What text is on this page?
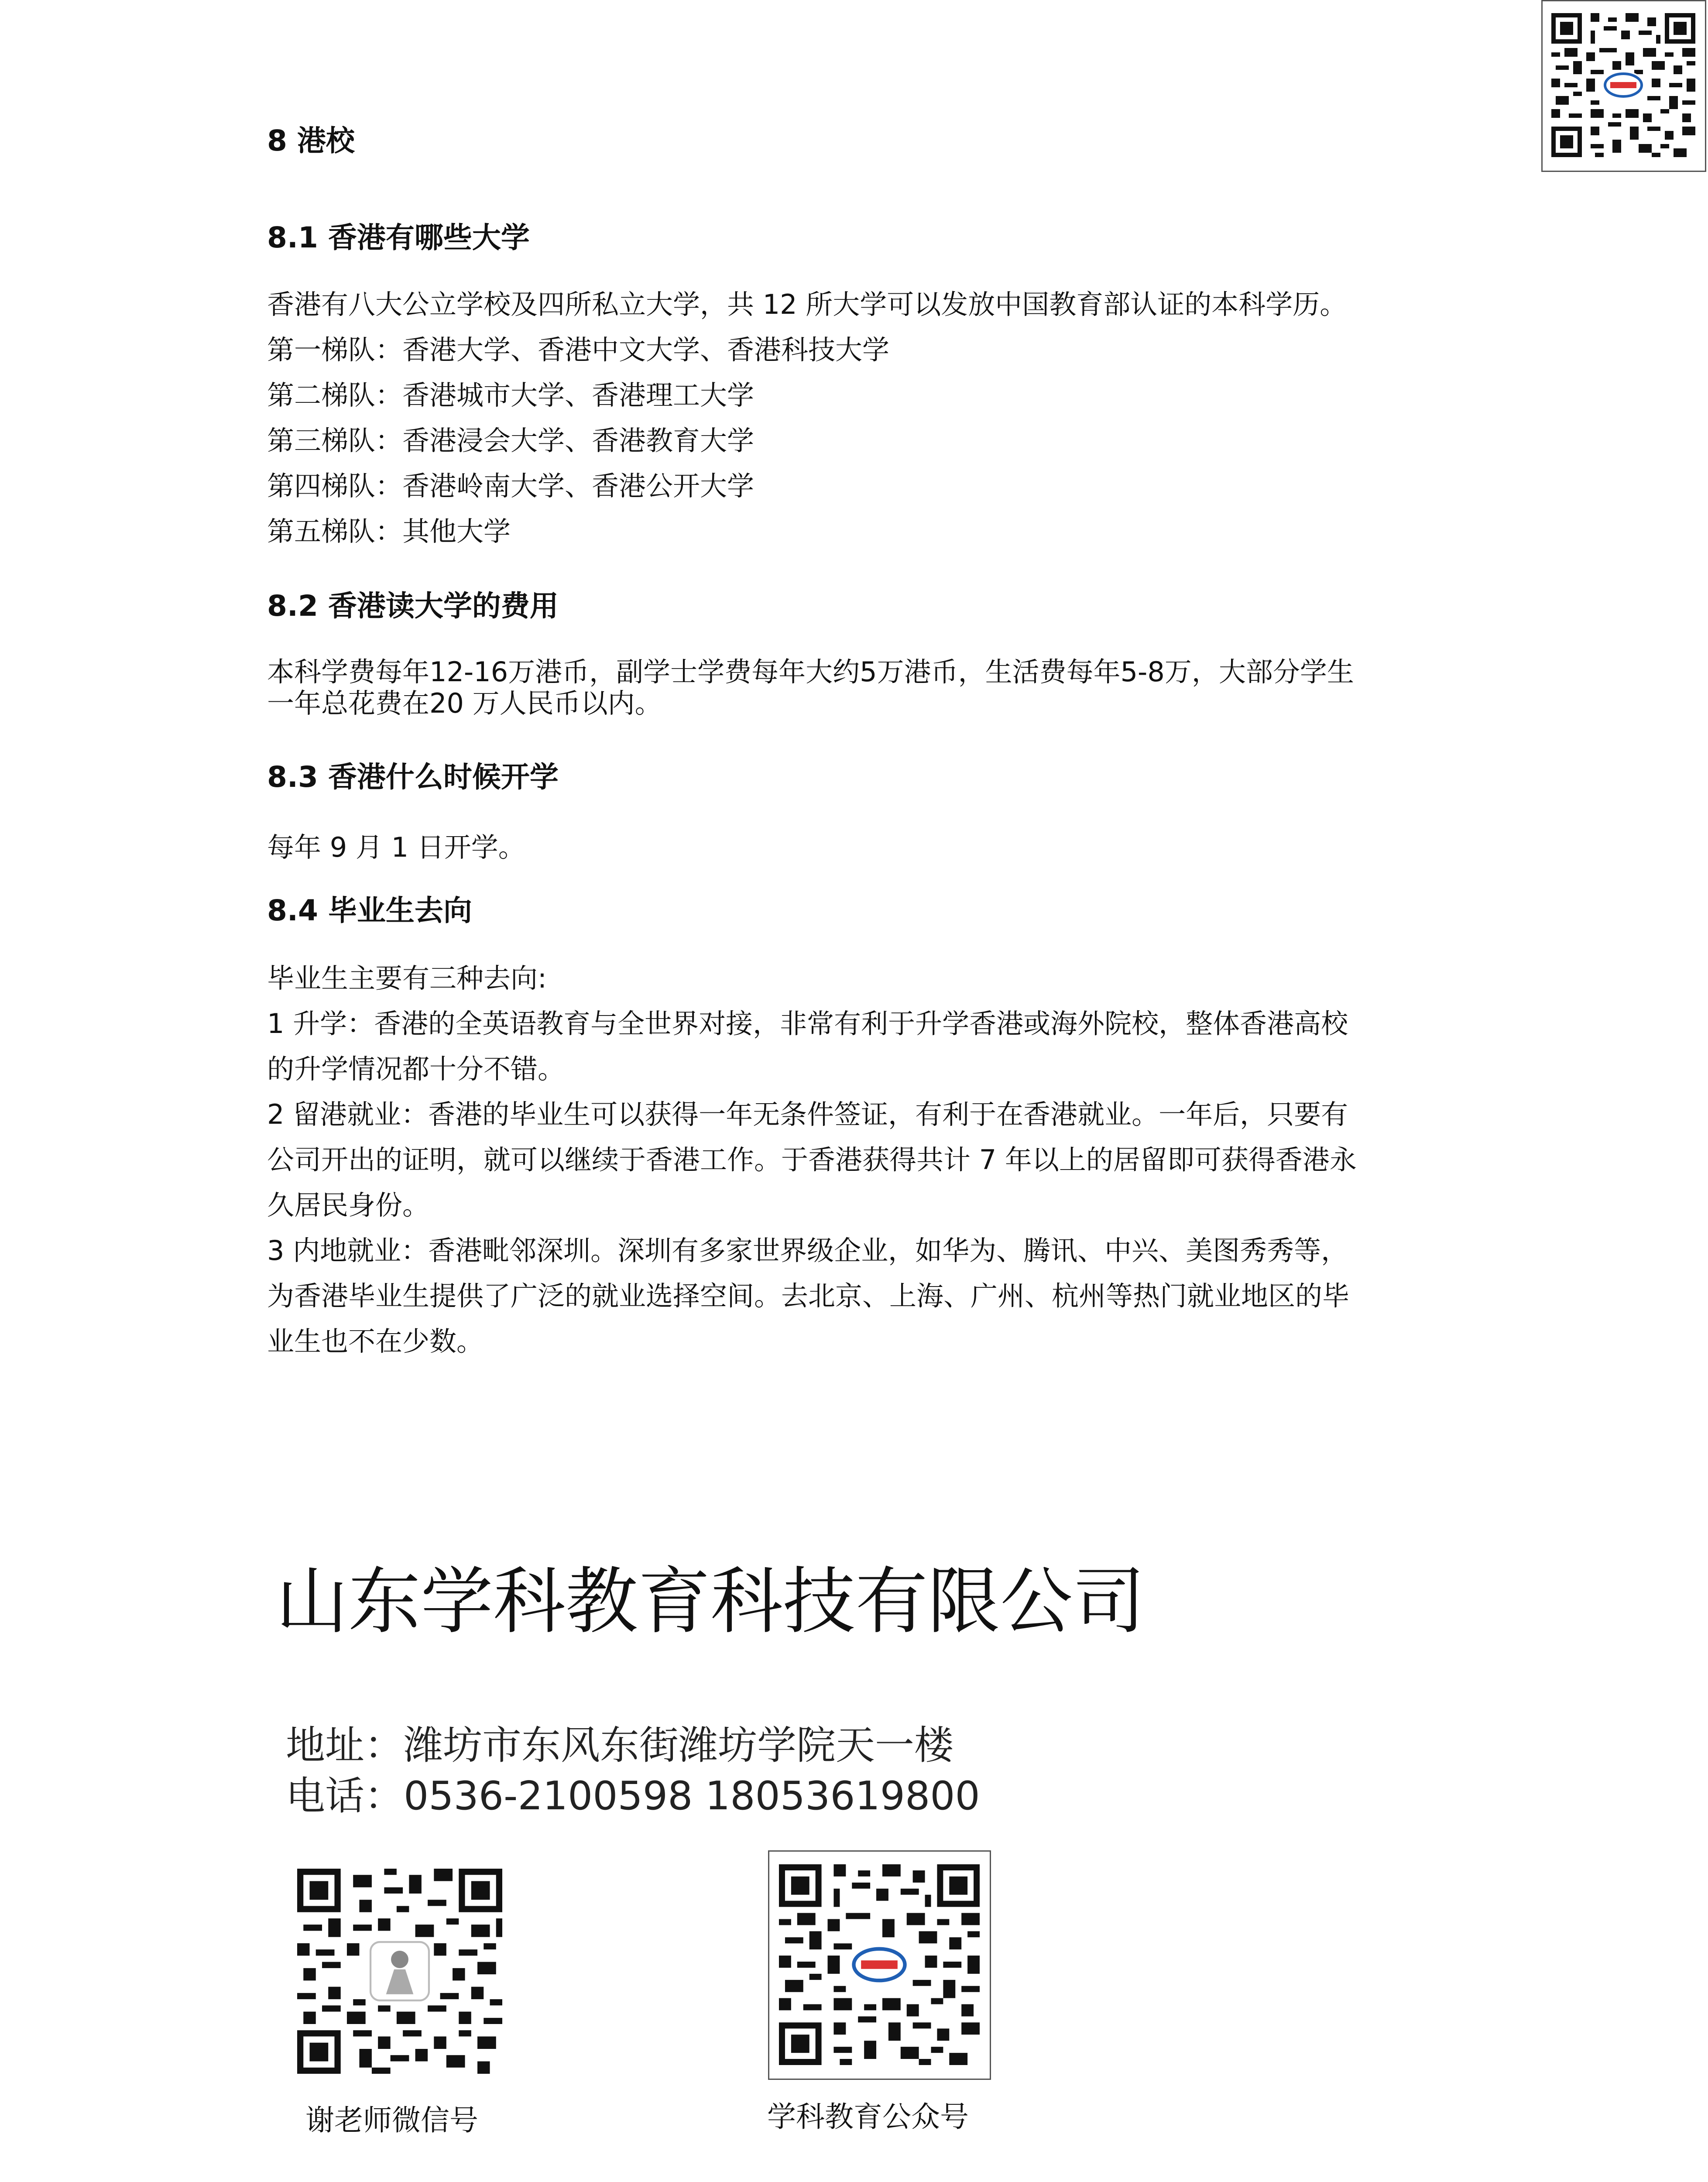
8 港校
8.1 香港有哪些大学
香港有八大公立学校及四所私立大学，共 12 所大学可以发放中国教育部认证的本科学历。
第一梯队：香港大学、香港中文大学、香港科技大学
第二梯队：香港城市大学、香港理工大学
第三梯队：香港浸会大学、香港教育大学
第四梯队：香港岭南大学、香港公开大学
第五梯队：其他大学
8.2 香港读大学的费用
本科学费每年12-16万港币，副学士学费每年大约5万港币，生活费每年5-8万，大部分学生
一年总花费在20 万人民币以内。
8.3 香港什么时候开学
每年 9 月 1 日开学。
8.4 毕业生去向
毕业生主要有三种去向:
1 升学：香港的全英语教育与全世界对接，非常有利于升学香港或海外院校，整体香港高校
的升学情况都十分不错。
2 留港就业：香港的毕业生可以获得一年无条件签证，有利于在香港就业。一年后，只要有
公司开出的证明，就可以继续于香港工作。于香港获得共计 7 年以上的居留即可获得香港永
久居民身份。
3 内地就业：香港毗邻深圳。深圳有多家世界级企业，如华为、腾讯、中兴、美图秀秀等，
为香港毕业生提供了广泛的就业选择空间。去北京、上海、广州、杭州等热门就业地区的毕
业生也不在少数。
山东学科教育科技有限公司
地址：潍坊市东风东街潍坊学院天一楼
电话：0536-2100598 18053619800
谢老师微信号	学科教育公众号
